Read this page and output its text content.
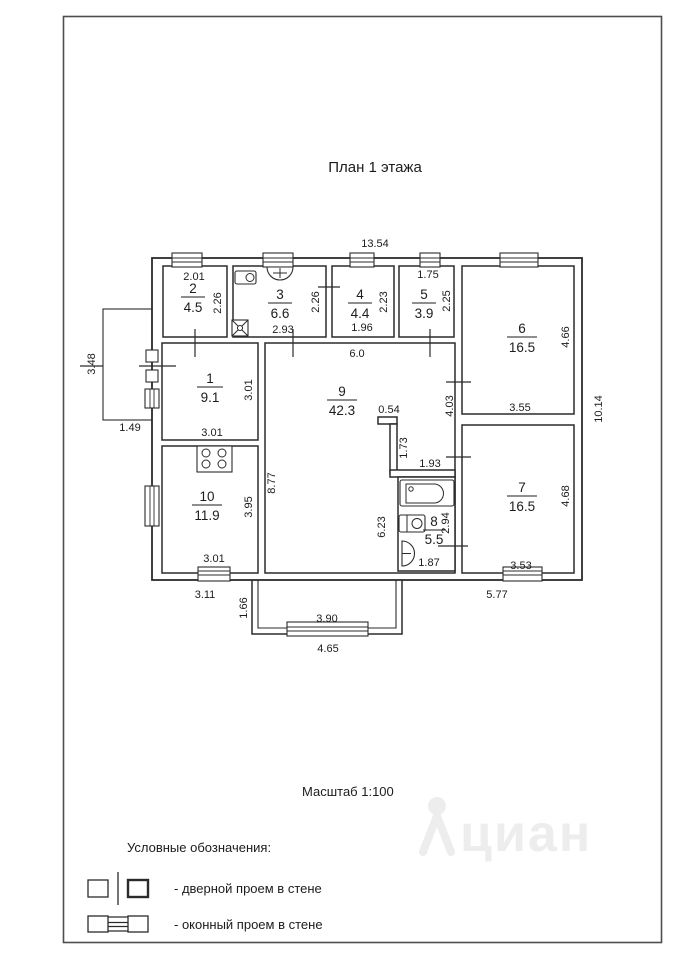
План 1 этажа
1
9.1
2
4.5
3
6.6
4
4.4
5
3.9
6
16.5
7
16.5
8
5.5
9
42.3
10
11.9
13.54
10.14
3.48
1.49	3.01
3.01
2.01
2.26
2.93
2.26
1.96
2.23
1.75
2.25
3.55
4.66
3.53
4.68
1.87
2.94
6.0
8.77
6.23
3.01
3.95
0.54
1.73
1.93
4.03
3.11	5.77
1.66
3.90
4.65
Масштаб 1:100
циан
Условные обозначения:
- дверной проем в стене
- оконный проем в стене
